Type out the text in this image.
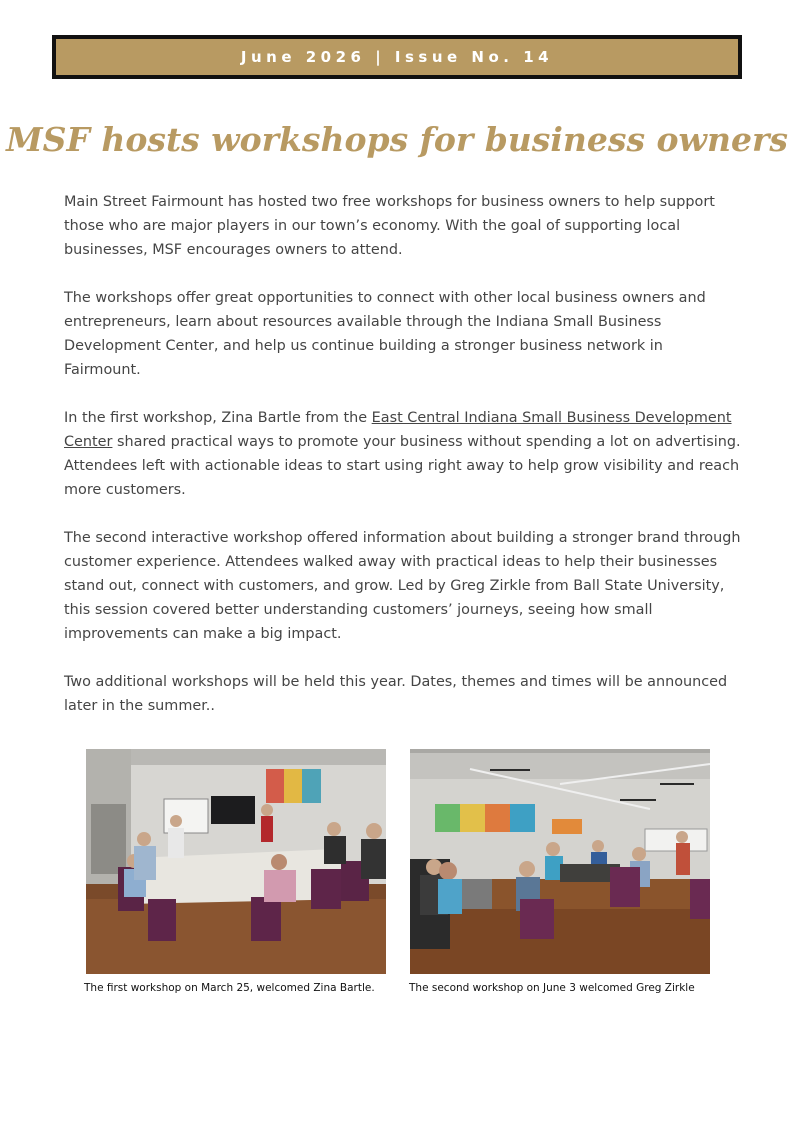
June 2026 | Issue No. 14
MSF hosts workshops for business owners

Main Street Fairmount has hosted two free workshops for business owners to help support those who are major players in our town’s economy. With the goal of supporting local businesses, MSF encourages owners to attend.

The workshops offer great opportunities to connect with other local business owners and entrepreneurs, learn about resources available through the Indiana Small Business Development Center, and help us continue building a stronger business network in Fairmount.

In the first workshop, Zina Bartle from the East Central Indiana Small Business Development Center shared practical ways to promote your business without spending a lot on advertising. Attendees left with actionable ideas to start using right away to help grow visibility and reach more customers.

The second interactive workshop offered information about building a stronger brand through customer experience. Attendees walked away with practical ideas to help their businesses stand out, connect with customers, and grow. Led by Greg Zirkle from Ball State University, this session covered better understanding customers’ journeys, seeing how small improvements can make a big impact.

Two additional workshops will be held this year. Dates, themes and times will be announced later in the summer..

The first workshop on March 25, welcomed Zina Bartle.	The second workshop on June 3 welcomed Greg Zirkle
